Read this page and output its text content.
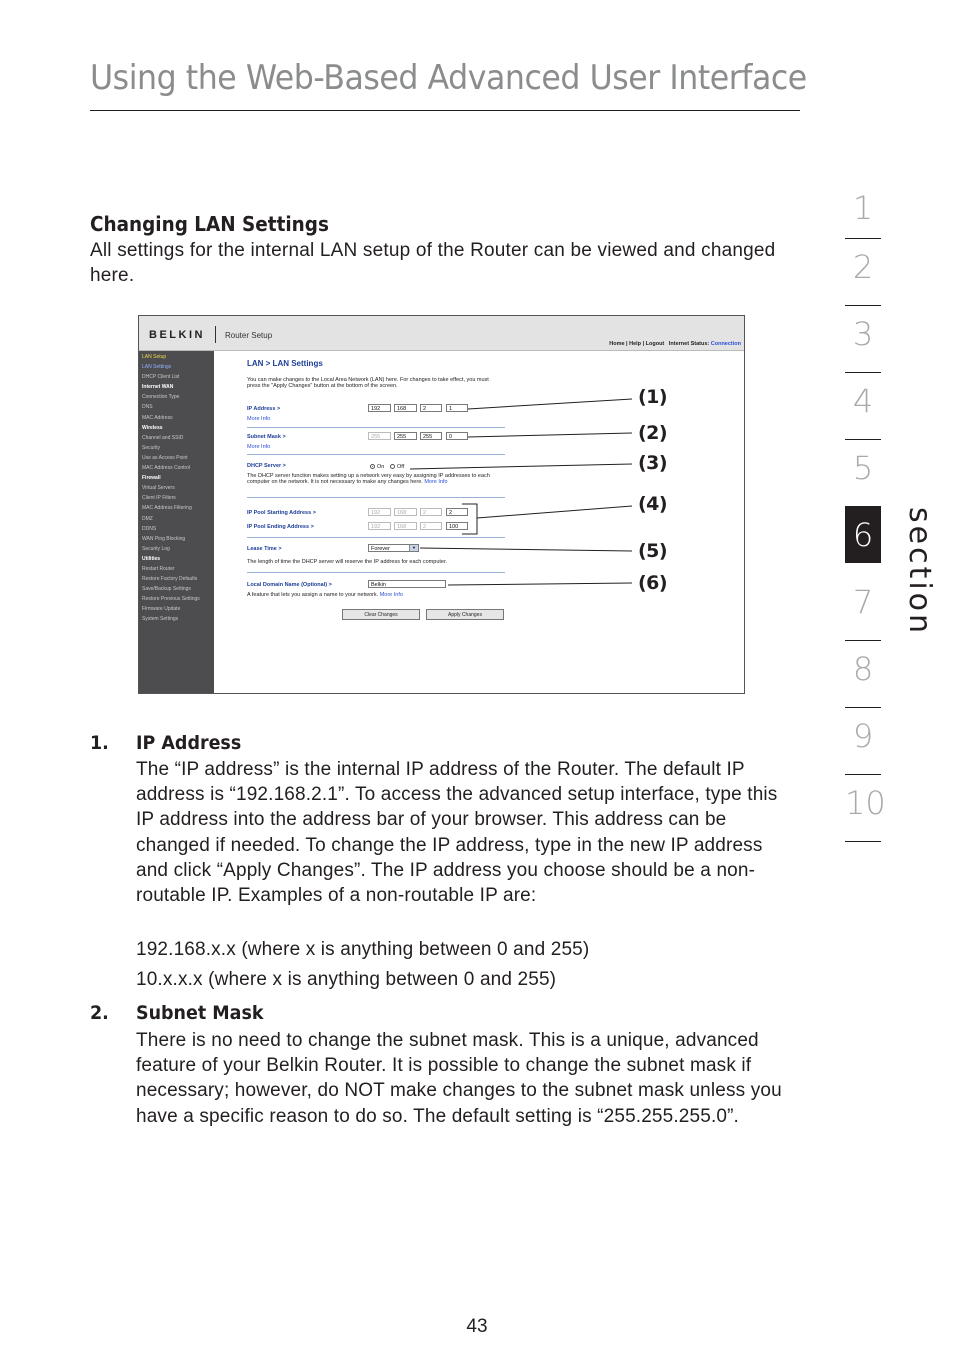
Using the Web-Based Advanced User Interface
1
2
3
4
5
6
7
8
9
10
section
Changing LAN Settings

All settings for the internal LAN setup of the Router can be viewed and changed here.

BELKIN	Router Setup
Home | Help | Logout Internet Status: Connection
LAN Setup
LAN Settings
DHCP Client List
Internet WAN
Connection Type
DNS
MAC Address
Wireless
Channel and SSID
Security
Use as Access Point
MAC Address Control
Firewall
Virtual Servers
Client IP Filters
MAC Address Filtering
DMZ
DDNS
WAN Ping Blocking
Security Log
Utilities
Restart Router
Restore Factory Defaults
Save/Backup Settings
Restore Previous Settings
Firmware Update
System Settings
LAN > LAN Settings
You can make changes to the Local Area Network (LAN) here. For changes to take effect, you must press the "Apply Changes" button at the bottom of the screen.
IP Address >
More Info
192	168	2	1
Subnet Mask >
More Info
255	255	255	0
DHCP Server >	On Off
The DHCP server function makes setting up a network very easy by assigning IP addresses to each computer on the network. It is not necessary to make any changes here. More Info
IP Pool Starting Address >	192	168	2	2
IP Pool Ending Address >	192	168	2	100
Lease Time >	Forever	▼
The length of time the DHCP server will reserve the IP address for each computer.
Local Domain Name (Optional) >	Belkin
A feature that lets you assign a name to your network. More Info
Clear Changes	Apply Changes
(1)
(2)
(3)
(4)
(5)
(6)
1. IP Address

The “IP address” is the internal IP address of the Router. The default IP address is “192.168.2.1”. To access the advanced setup interface, type this IP address into the address bar of your browser. This address can be changed if needed. To change the IP address, type in the new IP address and click “Apply Changes”. The IP address you choose should be a non-routable IP. Examples of a non-routable IP are:

192.168.x.x (where x is anything between 0 and 255)
10.x.x.x (where x is anything between 0 and 255)
2. Subnet Mask

There is no need to change the subnet mask. This is a unique, advanced feature of your Belkin Router. It is possible to change the subnet mask if necessary; however, do NOT make changes to the subnet mask unless you have a specific reason to do so. The default setting is “255.255.255.0”.

43
